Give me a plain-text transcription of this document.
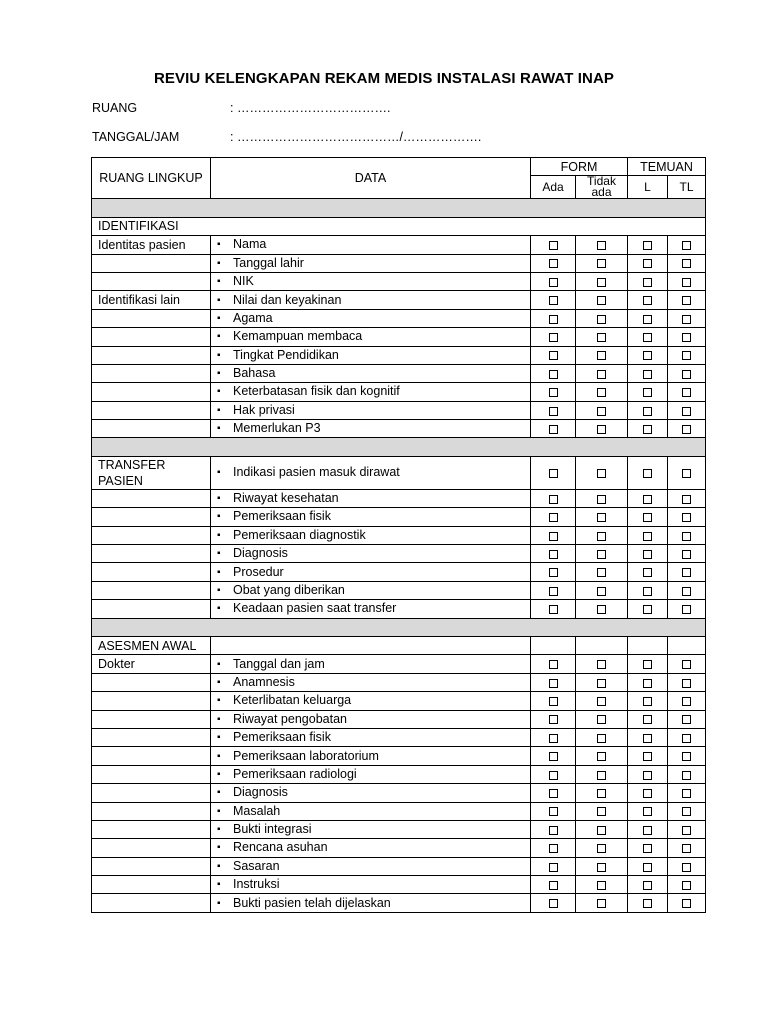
REVIU KELENGKAPAN REKAM MEDIS INSTALASI RAWAT INAP
RUANG	: ……………………………….
TANGGAL/JAM	: …………………………………/……………….
RUANG LINGKUP	DATA	FORM		TEMUAN	
		Ada	Tidak ada	L	TL

IDENTIFIKASI					
Identitas pasien	▪ Nama				
	▪ Tanggal lahir				
	▪ NIK				
Identifikasi lain	▪ Nilai dan keyakinan				
	▪ Agama				
	▪ Kemampuan membaca				
	▪ Tingkat Pendidikan				
	▪ Bahasa				
	▪ Keterbatasan fisik dan kognitif				
	▪ Hak privasi				
	▪ Memerlukan P3				

TRANSFER PASIEN	▪ Indikasi pasien masuk dirawat				
	▪ Riwayat kesehatan				
	▪ Pemeriksaan fisik				
	▪ Pemeriksaan diagnostik				
	▪ Diagnosis				
	▪ Prosedur				
	▪ Obat yang diberikan				
	▪ Keadaan pasien saat transfer				

ASESMEN AWAL					
Dokter	▪ Tanggal dan jam				
	▪ Anamnesis				
	▪ Keterlibatan keluarga				
	▪ Riwayat pengobatan				
	▪ Pemeriksaan fisik				
	▪ Pemeriksaan laboratorium				
	▪ Pemeriksaan radiologi				
	▪ Diagnosis				
	▪ Masalah				
	▪ Bukti integrasi				
	▪ Rencana asuhan				
	▪ Sasaran				
	▪ Instruksi				
	▪ Bukti pasien telah dijelaskan				
